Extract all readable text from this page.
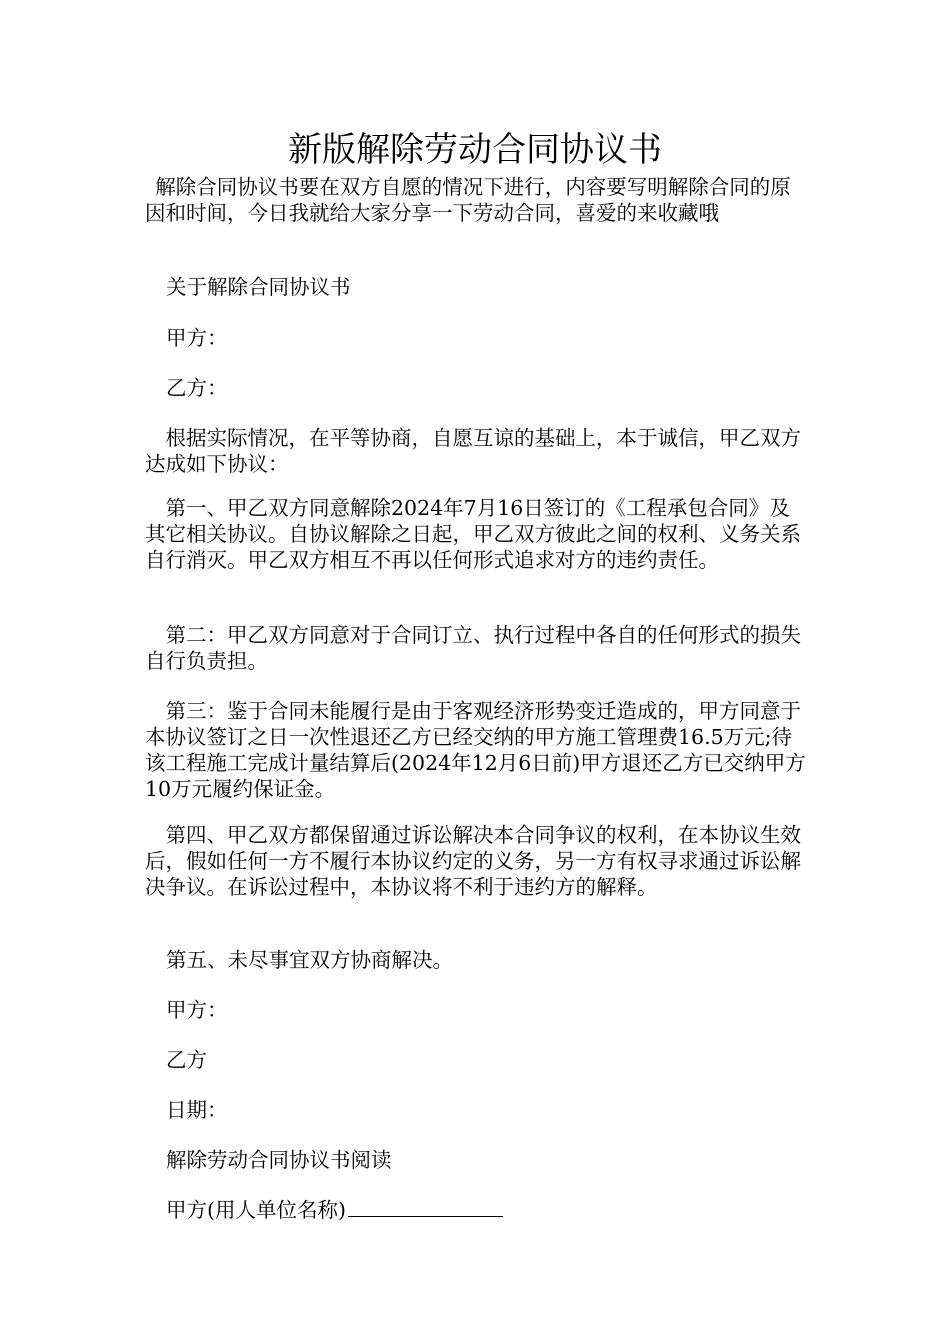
新版解除劳动合同协议书
解除合同协议书要在双方自愿的情况下进行，内容要写明解除合同的原因和时间，今日我就给大家分享一下劳动合同，喜爱的来收藏哦
关于解除合同协议书
甲方：
乙方：
根据实际情况，在平等协商，自愿互谅的基础上，本于诚信，甲乙双方达成如下协议：
第一、甲乙双方同意解除2024年7月16日签订的《工程承包合同》及其它相关协议。自协议解除之日起，甲乙双方彼此之间的权利、义务关系自行消灭。甲乙双方相互不再以任何形式追求对方的违约责任。
第二：甲乙双方同意对于合同订立、执行过程中各自的任何形式的损失自行负责担。
第三：鉴于合同未能履行是由于客观经济形势变迁造成的，甲方同意于本协议签订之日一次性退还乙方已经交纳的甲方施工管理费16.5万元;待该工程施工完成计量结算后(2024年12月6日前)甲方退还乙方已交纳甲方10万元履约保证金。
第四、甲乙双方都保留通过诉讼解决本合同争议的权利，在本协议生效后，假如任何一方不履行本协议约定的义务，另一方有权寻求通过诉讼解决争议。在诉讼过程中，本协议将不利于违约方的解释。
第五、未尽事宜双方协商解决。
甲方：
乙方
日期：
解除劳动合同协议书阅读
甲方(用人单位名称)
